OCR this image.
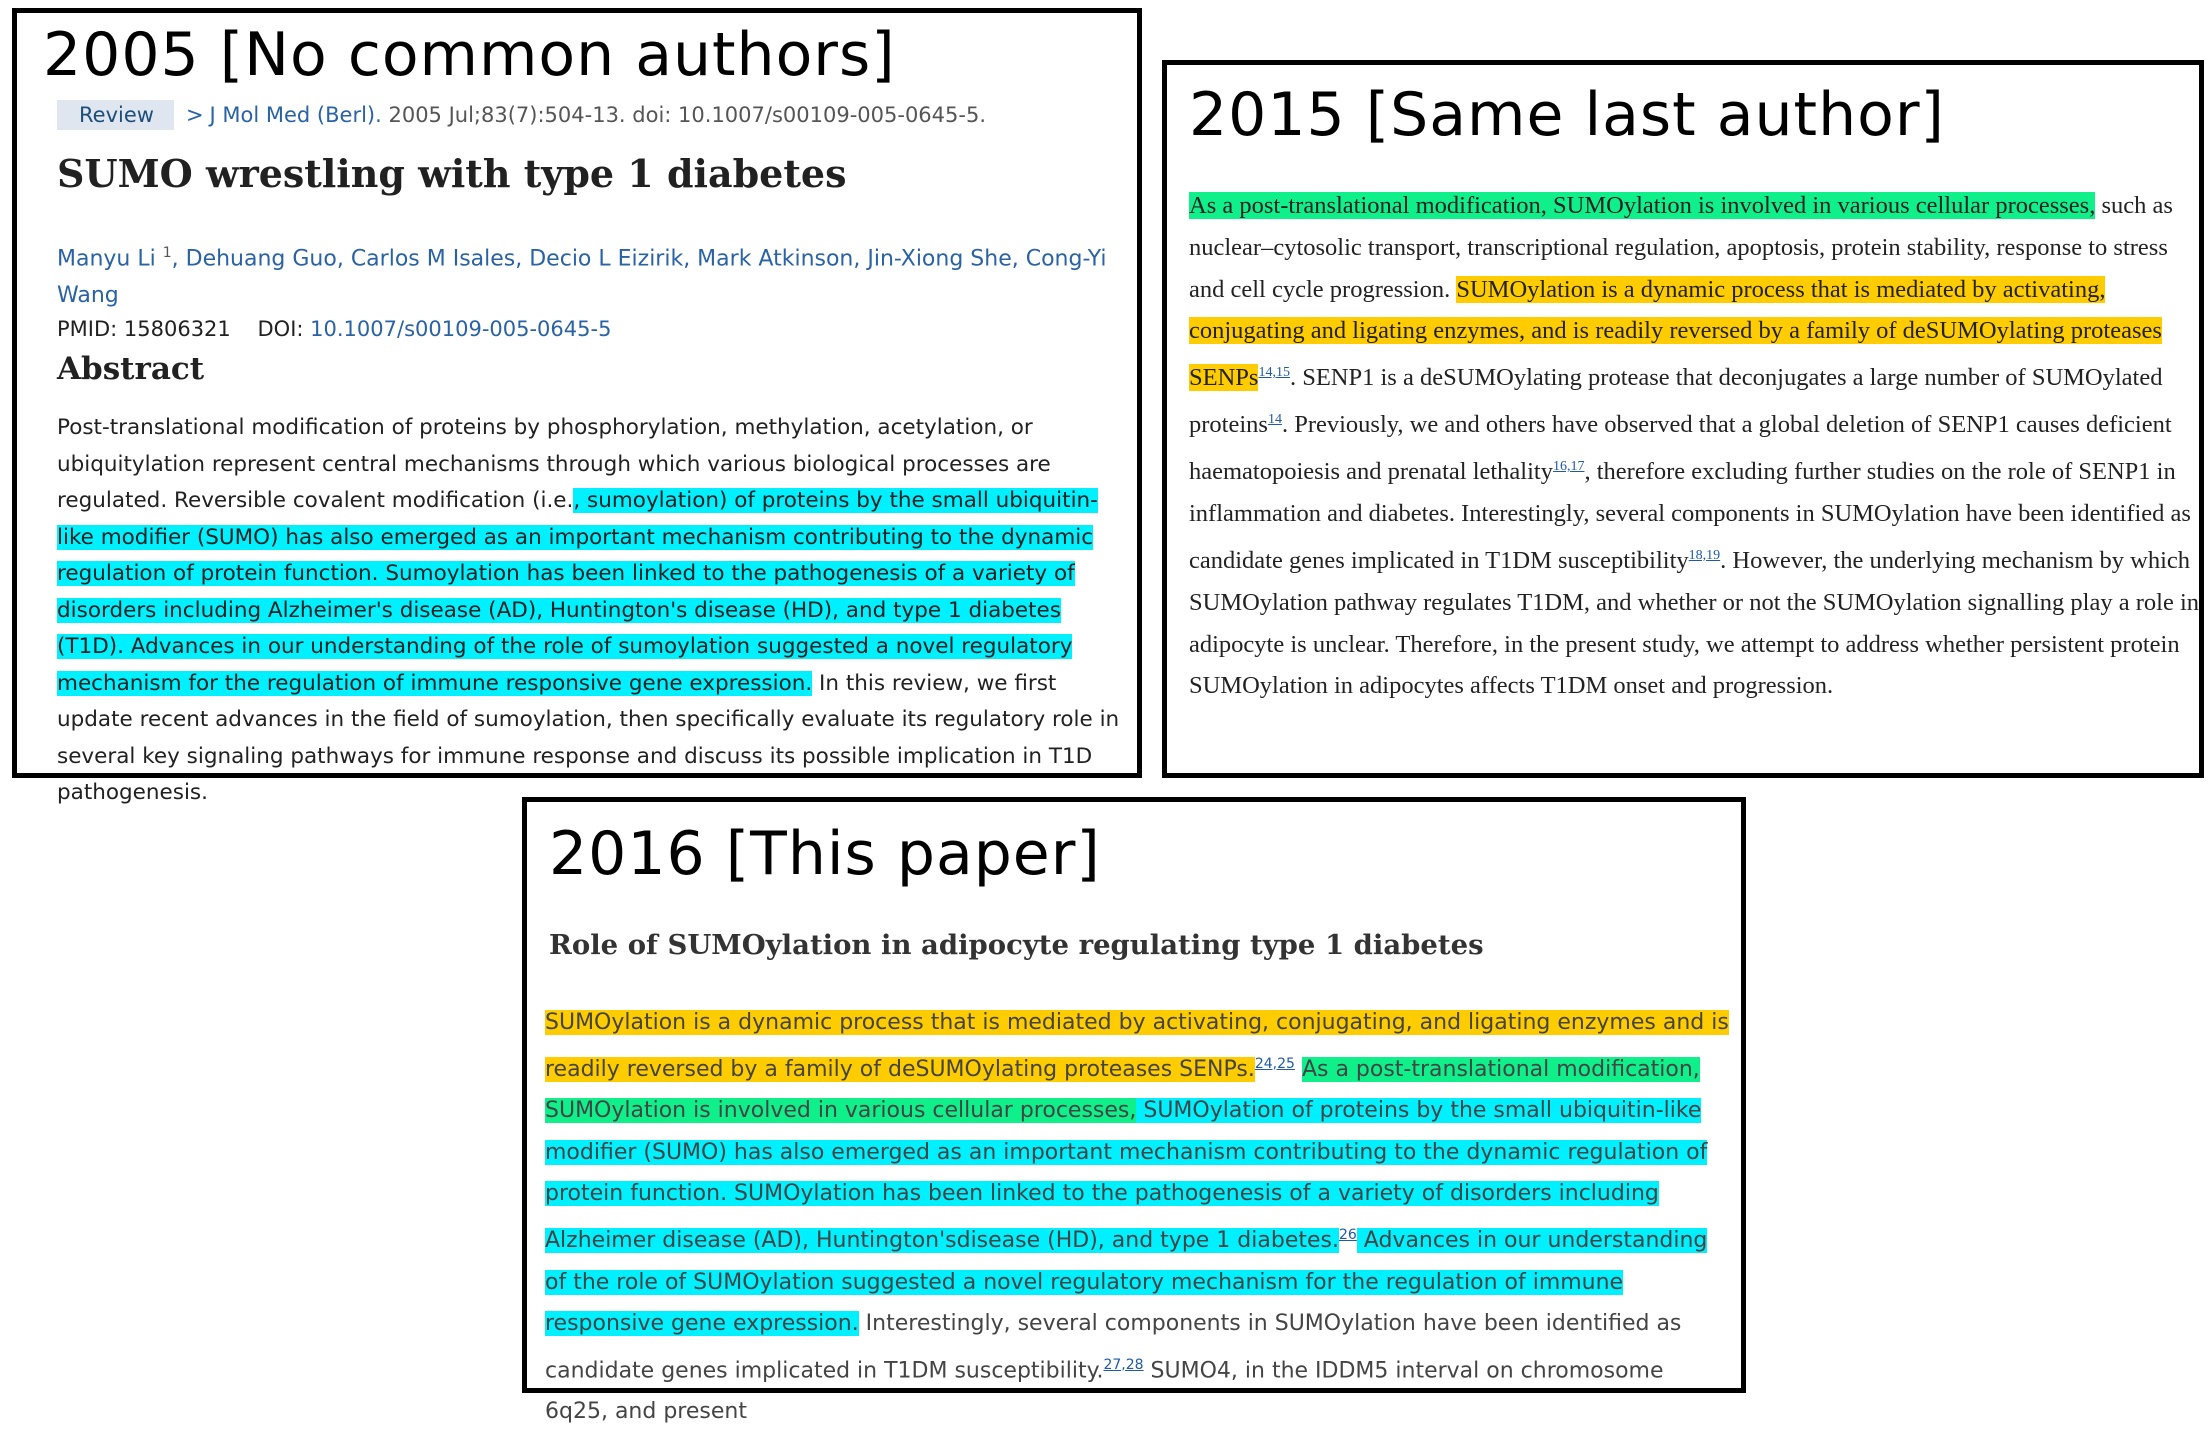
2005 [No common authors]
Review > J Mol Med (Berl). 2005 Jul;83(7):504-13. doi: 10.1007/s00109-005-0645-5.
SUMO wrestling with type 1 diabetes
Manyu Li $^1$, Dehuang Guo, Carlos M Isales, Decio L Eizirik, Mark Atkinson, Jin-Xiong She, Cong-Yi Wang
PMID: 15806321 DOI: 10.1007/s00109-005-0645-5
Abstract
Post-translational modification of proteins by phosphorylation, methylation, acetylation, or ubiquitylation represent central mechanisms through which various biological processes are regulated. Reversible covalent modification (i.e., sumoylation) of proteins by the small ubiquitin-like modifier (SUMO) has also emerged as an important mechanism contributing to the dynamic regulation of protein function. Sumoylation has been linked to the pathogenesis of a variety of disorders including Alzheimer's disease (AD), Huntington's disease (HD), and type 1 diabetes (T1D). Advances in our understanding of the role of sumoylation suggested a novel regulatory mechanism for the regulation of immune responsive gene expression. In this review, we first update recent advances in the field of sumoylation, then specifically evaluate its regulatory role in several key signaling pathways for immune response and discuss its possible implication in T1D pathogenesis.
2015 [Same last author]
As a post-translational modification, SUMOylation is involved in various cellular processes, such as nuclear–cytosolic transport, transcriptional regulation, apoptosis, protein stability, response to stress and cell cycle progression. SUMOylation is a dynamic process that is mediated by activating, conjugating and ligating enzymes, and is readily reversed by a family of deSUMOylating proteases SENPs$^{14,15}$. SENP1 is a deSUMOylating protease that deconjugates a large number of SUMOylated proteins$^{14}$. Previously, we and others have observed that a global deletion of SENP1 causes deficient haematopoiesis and prenatal lethality$^{16,17}$, therefore excluding further studies on the role of SENP1 in inflammation and diabetes. Interestingly, several components in SUMOylation have been identified as candidate genes implicated in T1DM susceptibility$^{18,19}$. However, the underlying mechanism by which SUMOylation pathway regulates T1DM, and whether or not the SUMOylation signalling play a role in adipocyte is unclear. Therefore, in the present study, we attempt to address whether persistent protein SUMOylation in adipocytes affects T1DM onset and progression.
2016 [This paper]
Role of SUMOylation in adipocyte regulating type 1 diabetes
SUMOylation is a dynamic process that is mediated by activating, conjugating, and ligating enzymes and is readily reversed by a family of deSUMOylating proteases SENPs.$^{24,25}$ As a post-translational modification, SUMOylation is involved in various cellular processes, SUMOylation of proteins by the small ubiquitin-like modifier (SUMO) has also emerged as an important mechanism contributing to the dynamic regulation of protein function. SUMOylation has been linked to the pathogenesis of a variety of disorders including Alzheimer disease (AD), Huntington'sdisease (HD), and type 1 diabetes.$^{26}$ Advances in our understanding of the role of SUMOylation suggested a novel regulatory mechanism for the regulation of immune responsive gene expression. Interestingly, several components in SUMOylation have been identified as candidate genes implicated in T1DM susceptibility.$^{27,28}$ SUMO4, in the IDDM5 interval on chromosome 6q25, and present
